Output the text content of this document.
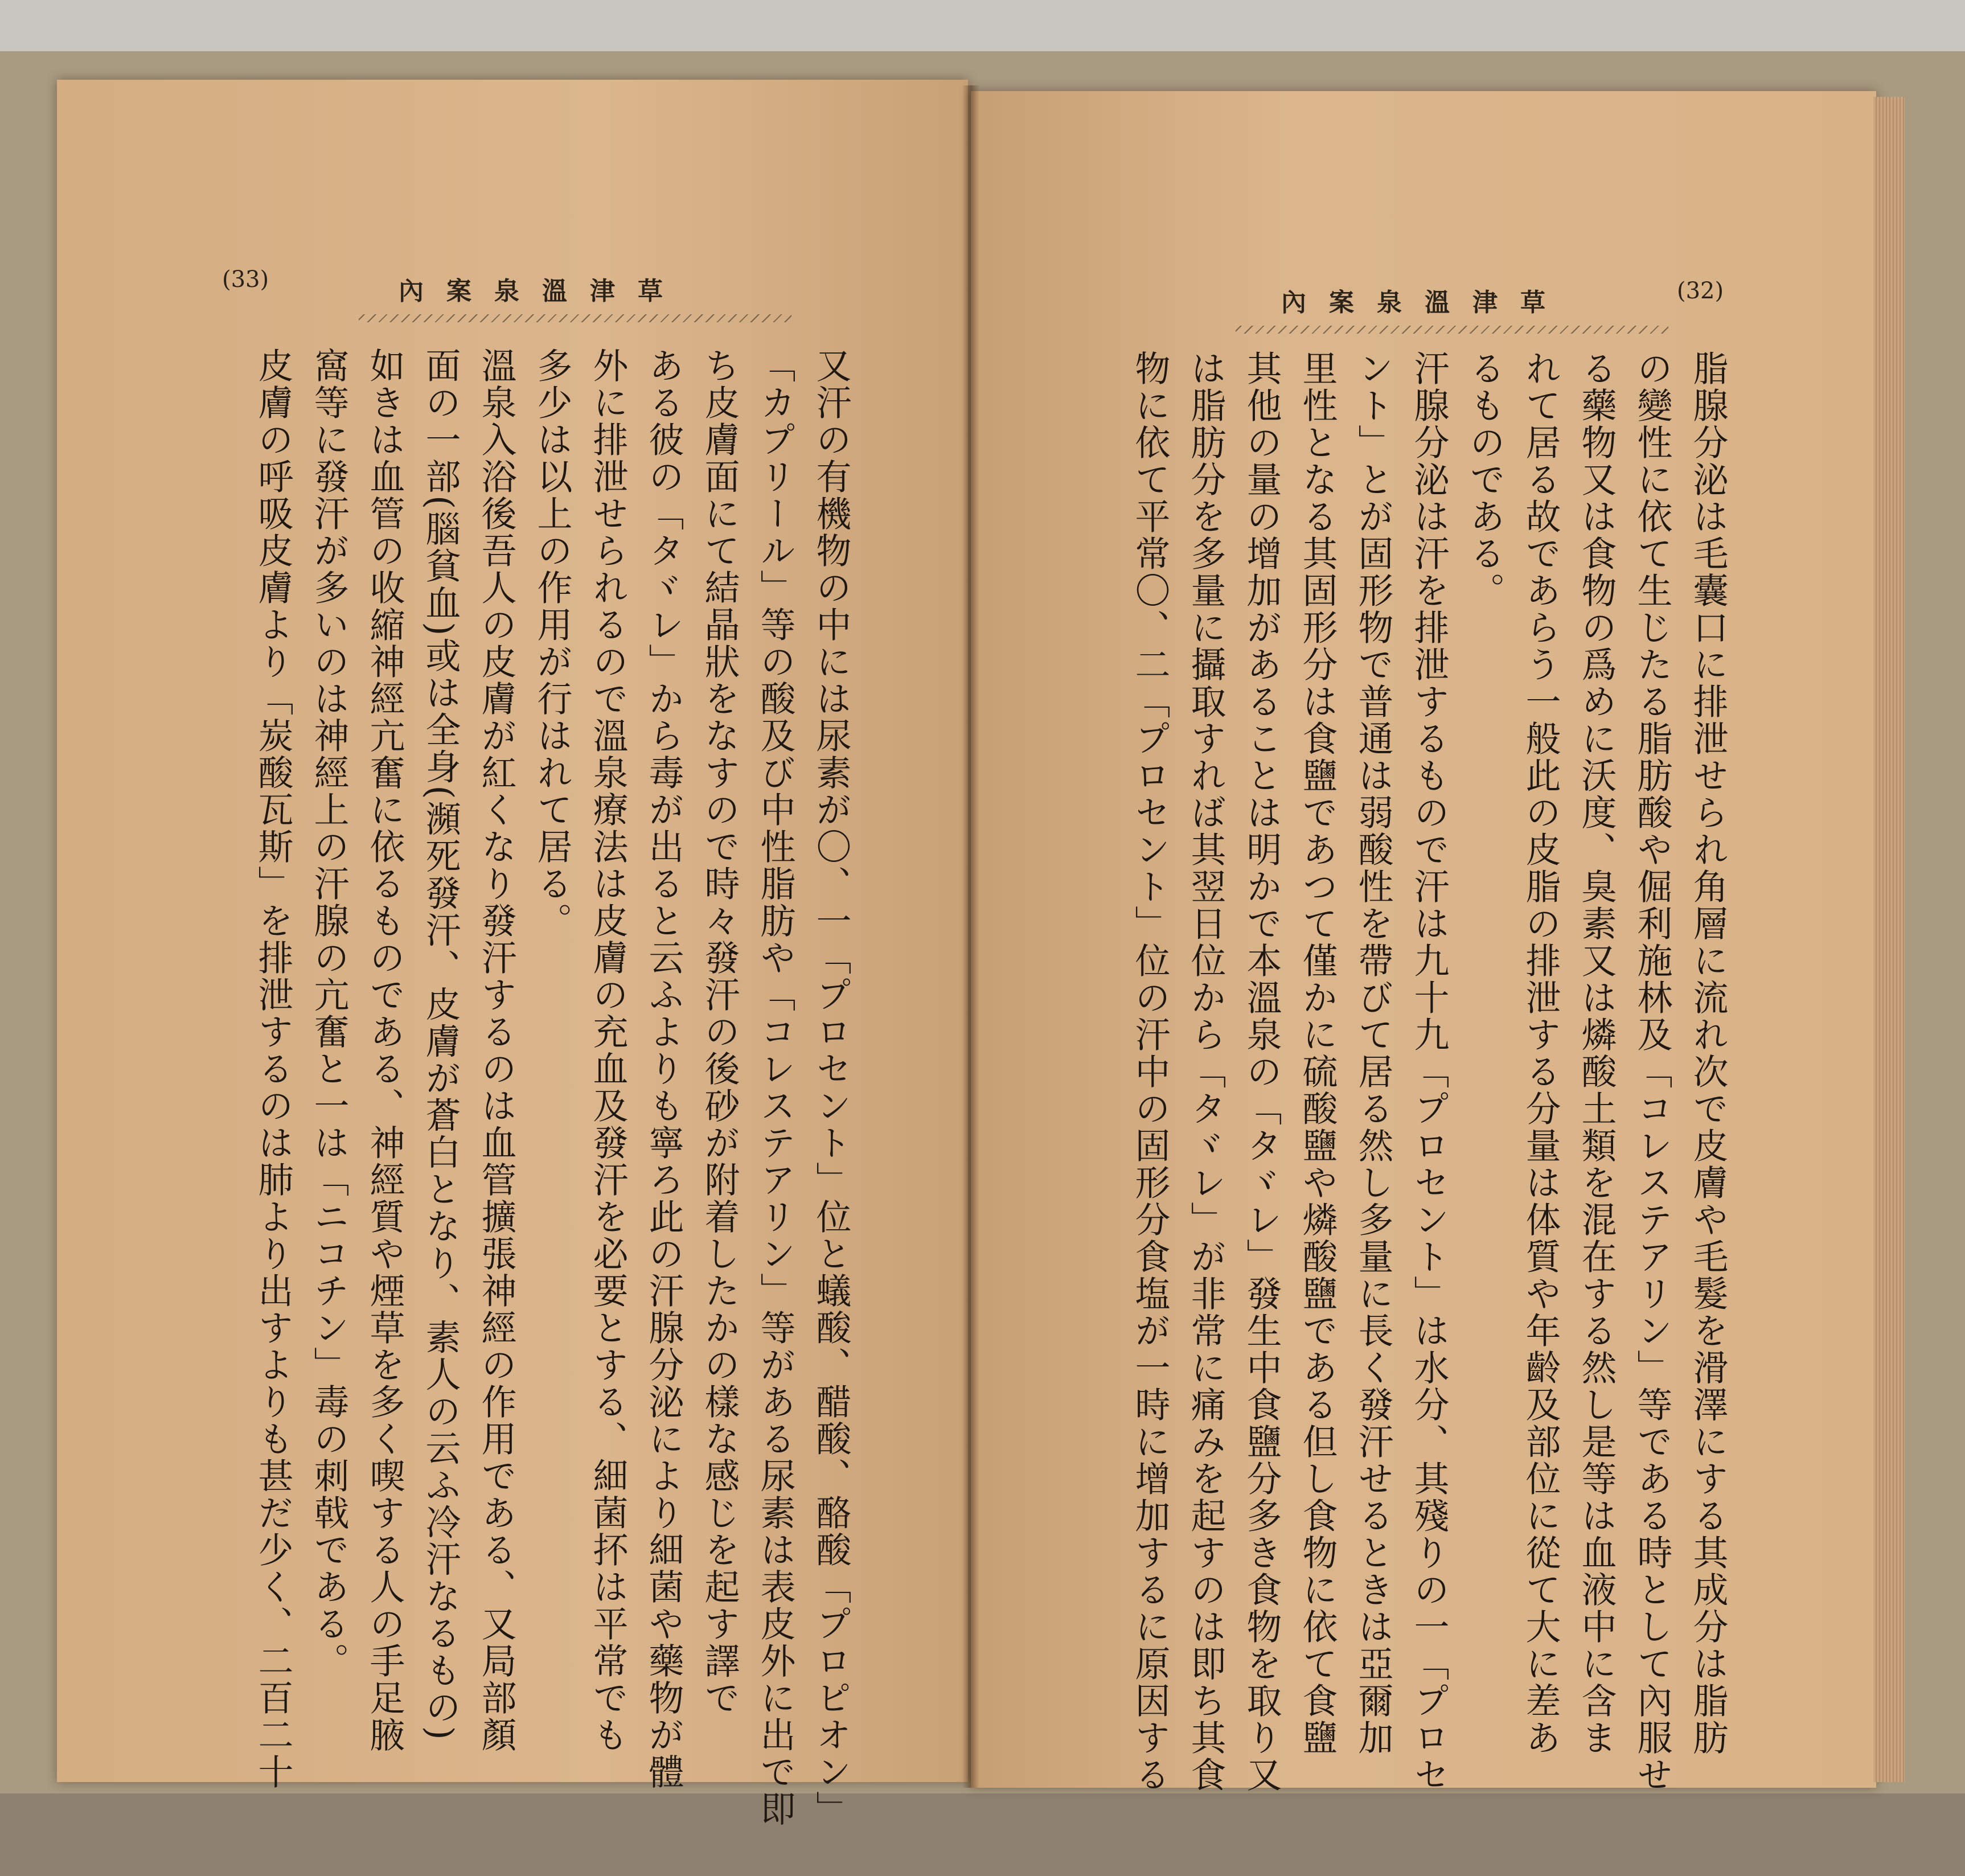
(33)	內案泉溫津草
又汗の有機物の中には尿素が〇、一「プロセント」位と蟻酸、醋酸、酪酸「プロピオン」
「カプリール」等の酸及び中性脂肪や「コレステアリン」等がある尿素は表皮外に出で即
ち皮膚面にて結晶狀をなすので時々發汗の後砂が附着したかの樣な感じを起す譯で
ある彼の「タヾレ」から毒が出ると云ふよりも寧ろ此の汗腺分泌により細菌や藥物が體
外に排泄せられるので溫泉療法は皮膚の充血及發汗を必要とする、細菌抔は平常でも
多少は以上の作用が行はれて居る。
溫泉入浴後吾人の皮膚が紅くなり發汗するのは血管擴張神經の作用である、又局部顏
面の一部(腦貧血)或は全身(瀕死發汗、皮膚が蒼白となり、素人の云ふ冷汗なるもの)
如きは血管の收縮神經亢奮に依るものである、神經質や煙草を多く喫する人の手足腋
窩等に發汗が多いのは神經上の汗腺の亢奮と一は「ニコチン」毒の刺戟である。
皮膚の呼吸皮膚より「炭酸瓦斯」を排泄するのは肺より出すよりも甚だ少く、二百二十
內案泉溫津草	(32)
脂腺分泌は毛囊口に排泄せられ角層に流れ次で皮膚や毛髮を滑澤にする其成分は脂肪
の變性に依て生じたる脂肪酸や倔利施林及「コレステアリン」等である時として內服せ
る藥物又は食物の爲めに沃度、臭素又は燐酸土類を混在する然し是等は血液中に含ま
れて居る故であらう一般此の皮脂の排泄する分量は体質や年齡及部位に從て大に差あ
るものである。
汗腺分泌は汗を排泄するもので汗は九十九「プロセント」は水分、其殘りの一「プロセ
ント」とが固形物で普通は弱酸性を帶びて居る然し多量に長く發汗せるときは亞爾加
里性となる其固形分は食鹽であつて僅かに硫酸鹽や燐酸鹽である但し食物に依て食鹽
其他の量の增加があることは明かで本溫泉の「タヾレ」發生中食鹽分多き食物を取り又
は脂肪分を多量に攝取すれば其翌日位から「タヾレ」が非常に痛みを起すのは即ち其食
物に依て平常〇、二「プロセント」位の汗中の固形分食塩が一時に增加するに原因する
